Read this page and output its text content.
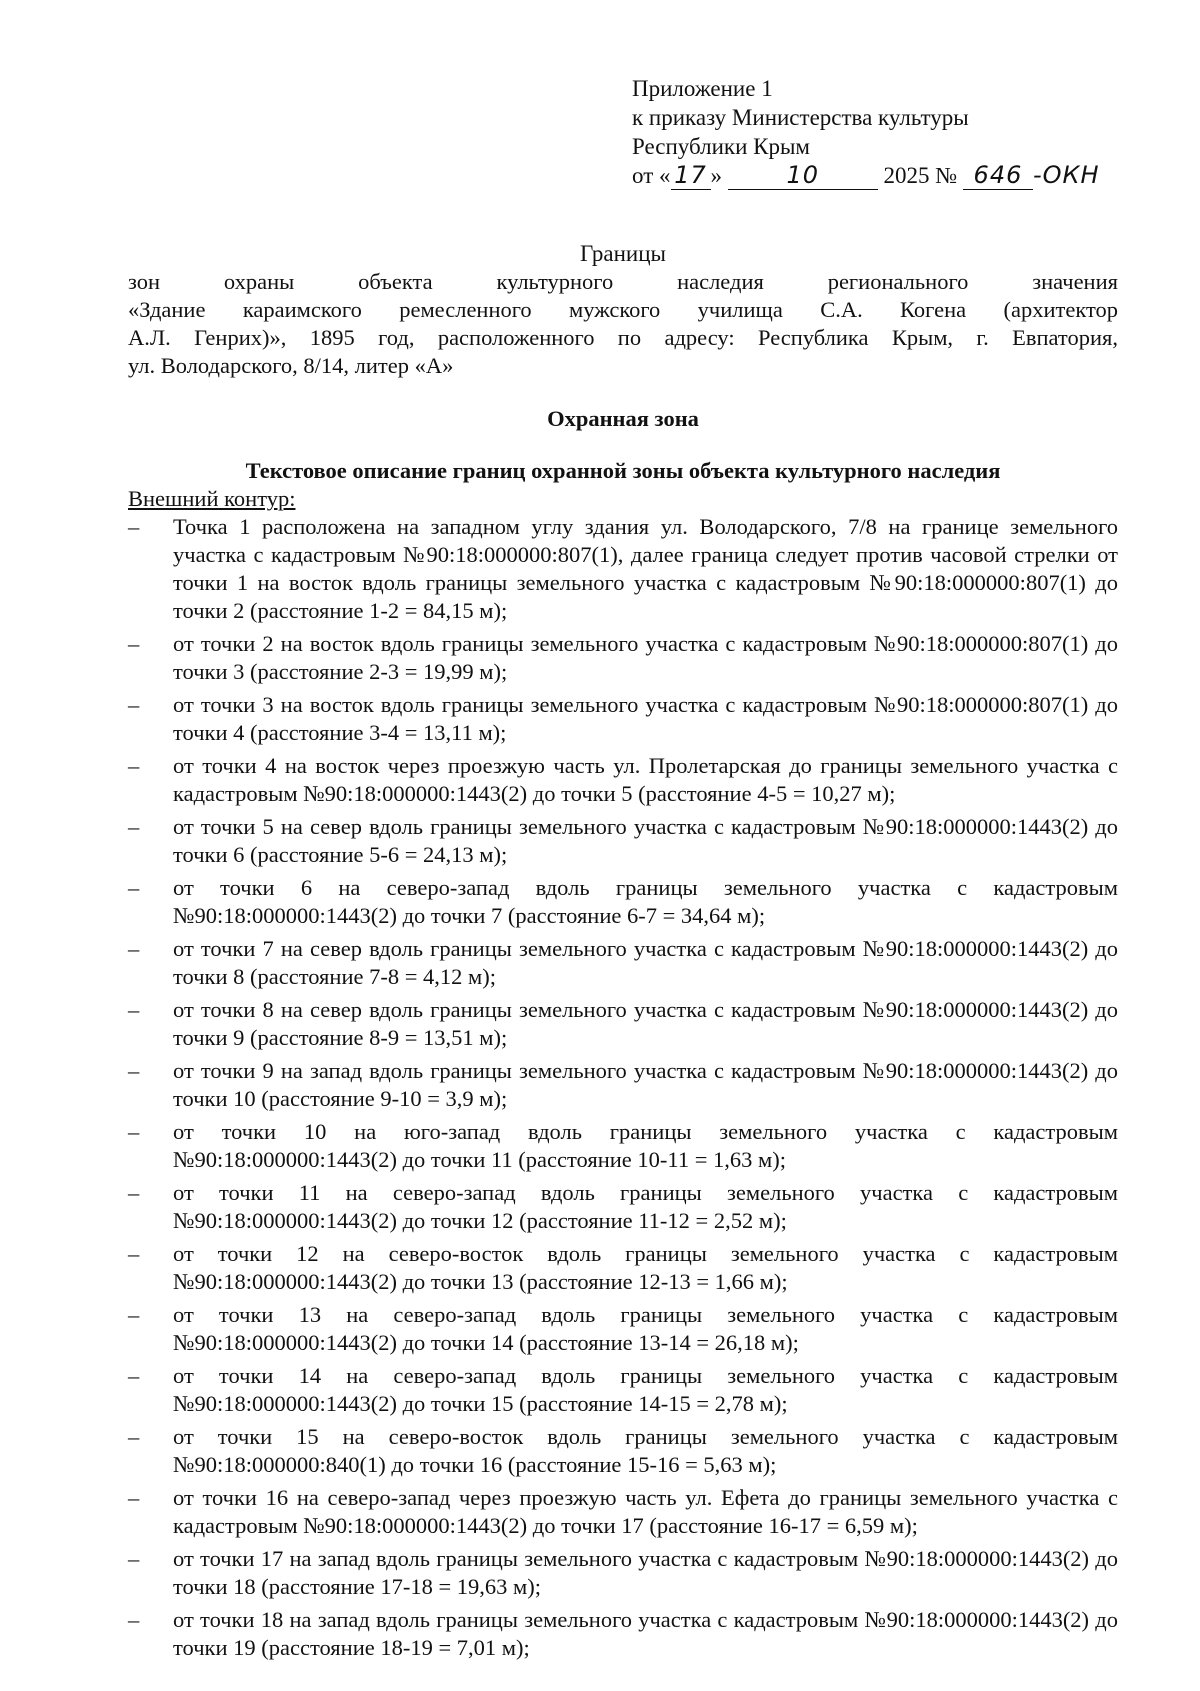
Приложение 1
к приказу Министерства культуры
Республики Крым
от « 17 »	10	2025 № 646 -ОКН

Границы

зон охраны объекта культурного наследия регионального значения

«Здание караимского ремесленного мужского училища С.А. Когена (архитектор

А.Л. Генрих)», 1895 год, расположенного по адресу: Республика Крым, г. Евпатория,

ул. Володарского, 8/14, литер «А»

Охранная зона

Текстовое описание границ охранной зоны объекта культурного наследия

Внешний контур:

– Точка 1 расположена на западном углу здания ул. Володарского, 7/8 на границе земельного участка с кадастровым №90:18:000000:807(1), далее граница следует против часовой стрелки от точки 1 на восток вдоль границы земельного участка с кадастровым №90:18:000000:807(1) до точки 2 (расстояние 1-2 = 84,15 м);
– от точки 2 на восток вдоль границы земельного участка с кадастровым №90:18:000000:807(1) до точки 3 (расстояние 2-3 = 19,99 м);
– от точки 3 на восток вдоль границы земельного участка с кадастровым №90:18:000000:807(1) до точки 4 (расстояние 3-4 = 13,11 м);
– от точки 4 на восток через проезжую часть ул. Пролетарская до границы земельного участка с кадастровым №90:18:000000:1443(2) до точки 5 (расстояние 4-5 = 10,27 м);
– от точки 5 на север вдоль границы земельного участка с кадастровым №90:18:000000:1443(2) до точки 6 (расстояние 5-6 = 24,13 м);
– от точки 6 на северо-запад вдоль границы земельного участка с кадастровым №90:18:000000:1443(2) до точки 7 (расстояние 6-7 = 34,64 м);
– от точки 7 на север вдоль границы земельного участка с кадастровым №90:18:000000:1443(2) до точки 8 (расстояние 7-8 = 4,12 м);
– от точки 8 на север вдоль границы земельного участка с кадастровым №90:18:000000:1443(2) до точки 9 (расстояние 8-9 = 13,51 м);
– от точки 9 на запад вдоль границы земельного участка с кадастровым №90:18:000000:1443(2) до точки 10 (расстояние 9-10 = 3,9 м);
– от точки 10 на юго-запад вдоль границы земельного участка с кадастровым №90:18:000000:1443(2) до точки 11 (расстояние 10-11 = 1,63 м);
– от точки 11 на северо-запад вдоль границы земельного участка с кадастровым №90:18:000000:1443(2) до точки 12 (расстояние 11-12 = 2,52 м);
– от точки 12 на северо-восток вдоль границы земельного участка с кадастровым №90:18:000000:1443(2) до точки 13 (расстояние 12-13 = 1,66 м);
– от точки 13 на северо-запад вдоль границы земельного участка с кадастровым №90:18:000000:1443(2) до точки 14 (расстояние 13-14 = 26,18 м);
– от точки 14 на северо-запад вдоль границы земельного участка с кадастровым №90:18:000000:1443(2) до точки 15 (расстояние 14-15 = 2,78 м);
– от точки 15 на северо-восток вдоль границы земельного участка с кадастровым №90:18:000000:840(1) до точки 16 (расстояние 15-16 = 5,63 м);
– от точки 16 на северо-запад через проезжую часть ул. Ефета до границы земельного участка с кадастровым №90:18:000000:1443(2) до точки 17 (расстояние 16-17 = 6,59 м);
– от точки 17 на запад вдоль границы земельного участка с кадастровым №90:18:000000:1443(2) до точки 18 (расстояние 17-18 = 19,63 м);
– от точки 18 на запад вдоль границы земельного участка с кадастровым №90:18:000000:1443(2) до точки 19 (расстояние 18-19 = 7,01 м);
